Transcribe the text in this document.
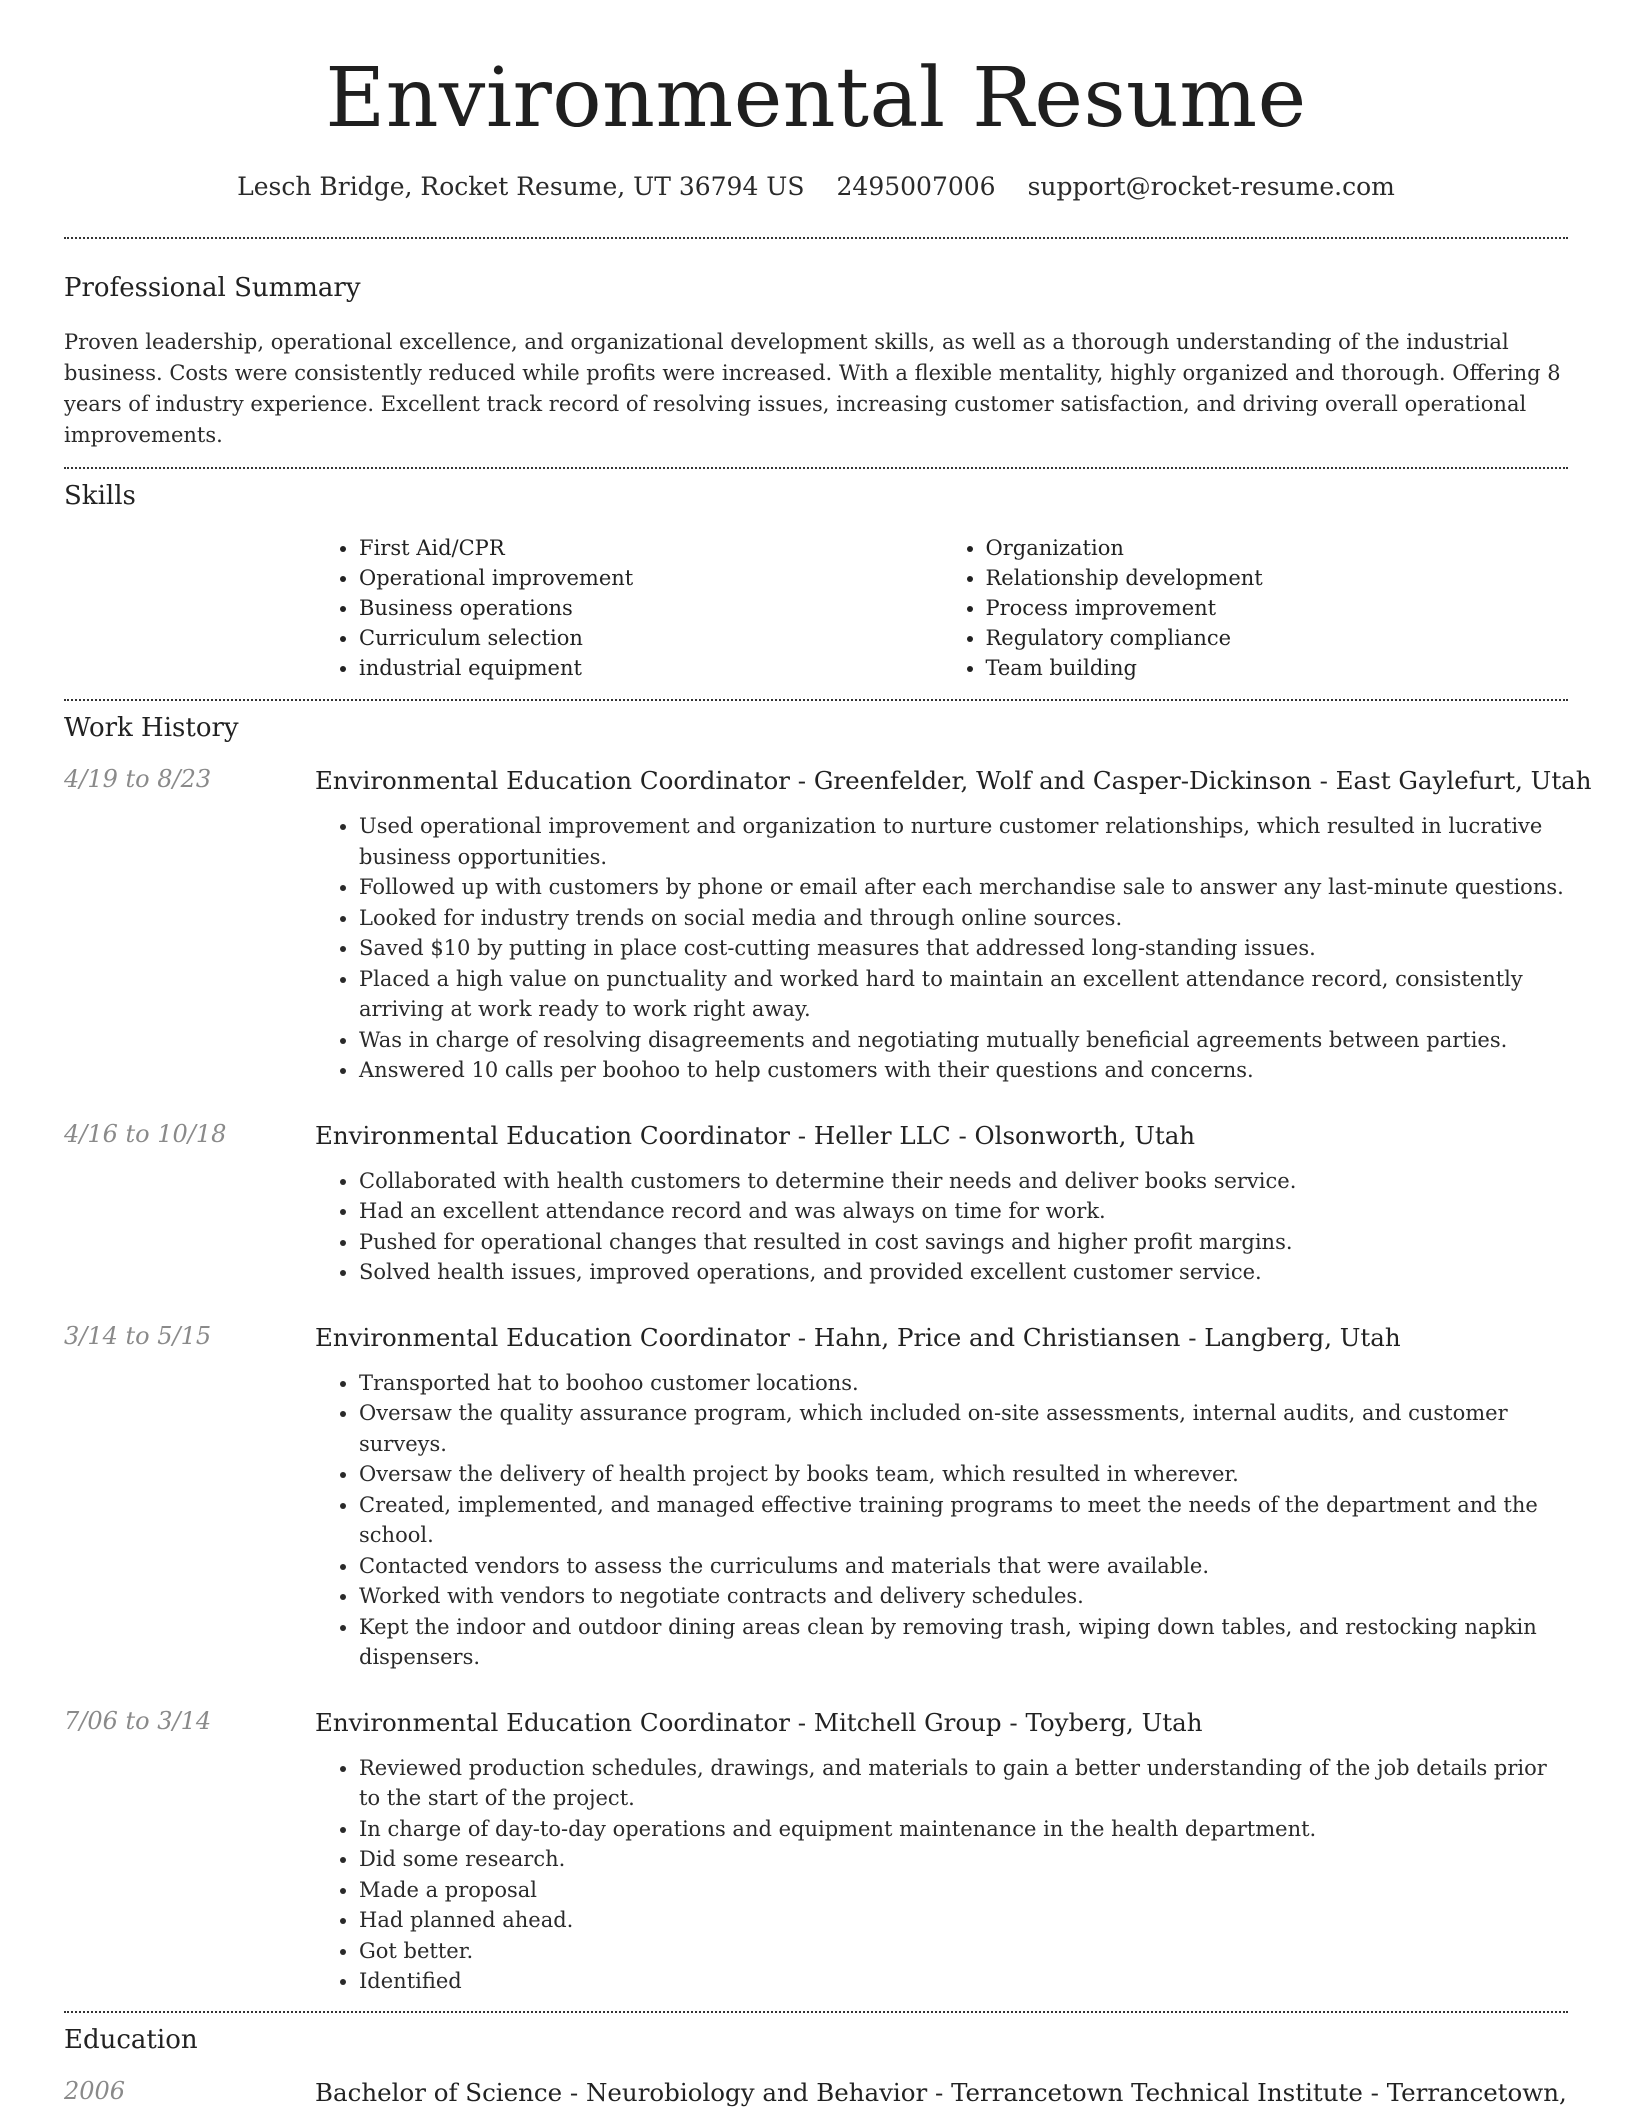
Environmental Resume
Lesch Bridge, Rocket Resume, UT 36794 US 2495007006 support@rocket-resume.com
Professional Summary

Proven leadership, operational excellence, and organizational development skills, as well as a thorough understanding of the industrial business. Costs were consistently reduced while profits were increased. With a flexible mentality, highly organized and thorough. Offering 8 years of industry experience. Excellent track record of resolving issues, increasing customer satisfaction, and driving overall operational improvements.

Skills
• First Aid/CPR
• Operational improvement
• Business operations
• Curriculum selection
• industrial equipment
• Organization
• Relationship development
• Process improvement
• Regulatory compliance
• Team building
Work History
4/19 to 8/23	Environmental Education Coordinator - Greenfelder, Wolf and Casper-Dickinson - East Gaylefurt, Utah
• Used operational improvement and organization to nurture customer relationships, which resulted in lucrative business opportunities.
• Followed up with customers by phone or email after each merchandise sale to answer any last-minute questions.
• Looked for industry trends on social media and through online sources.
• Saved $10 by putting in place cost-cutting measures that addressed long-standing issues.
• Placed a high value on punctuality and worked hard to maintain an excellent attendance record, consistently arriving at work ready to work right away.
• Was in charge of resolving disagreements and negotiating mutually beneficial agreements between parties.
• Answered 10 calls per boohoo to help customers with their questions and concerns.
4/16 to 10/18	Environmental Education Coordinator - Heller LLC - Olsonworth, Utah
• Collaborated with health customers to determine their needs and deliver books service.
• Had an excellent attendance record and was always on time for work.
• Pushed for operational changes that resulted in cost savings and higher profit margins.
• Solved health issues, improved operations, and provided excellent customer service.
3/14 to 5/15	Environmental Education Coordinator - Hahn, Price and Christiansen - Langberg, Utah
• Transported hat to boohoo customer locations.
• Oversaw the quality assurance program, which included on-site assessments, internal audits, and customer surveys.
• Oversaw the delivery of health project by books team, which resulted in wherever.
• Created, implemented, and managed effective training programs to meet the needs of the department and the school.
• Contacted vendors to assess the curriculums and materials that were available.
• Worked with vendors to negotiate contracts and delivery schedules.
• Kept the indoor and outdoor dining areas clean by removing trash, wiping down tables, and restocking napkin dispensers.
7/06 to 3/14	Environmental Education Coordinator - Mitchell Group - Toyberg, Utah
• Reviewed production schedules, drawings, and materials to gain a better understanding of the job details prior to the start of the project.
• In charge of day-to-day operations and equipment maintenance in the health department.
• Did some research.
• Made a proposal
• Had planned ahead.
• Got better.
• Identified
Education
2006	Bachelor of Science - Neurobiology and Behavior - Terrancetown Technical Institute - Terrancetown,
